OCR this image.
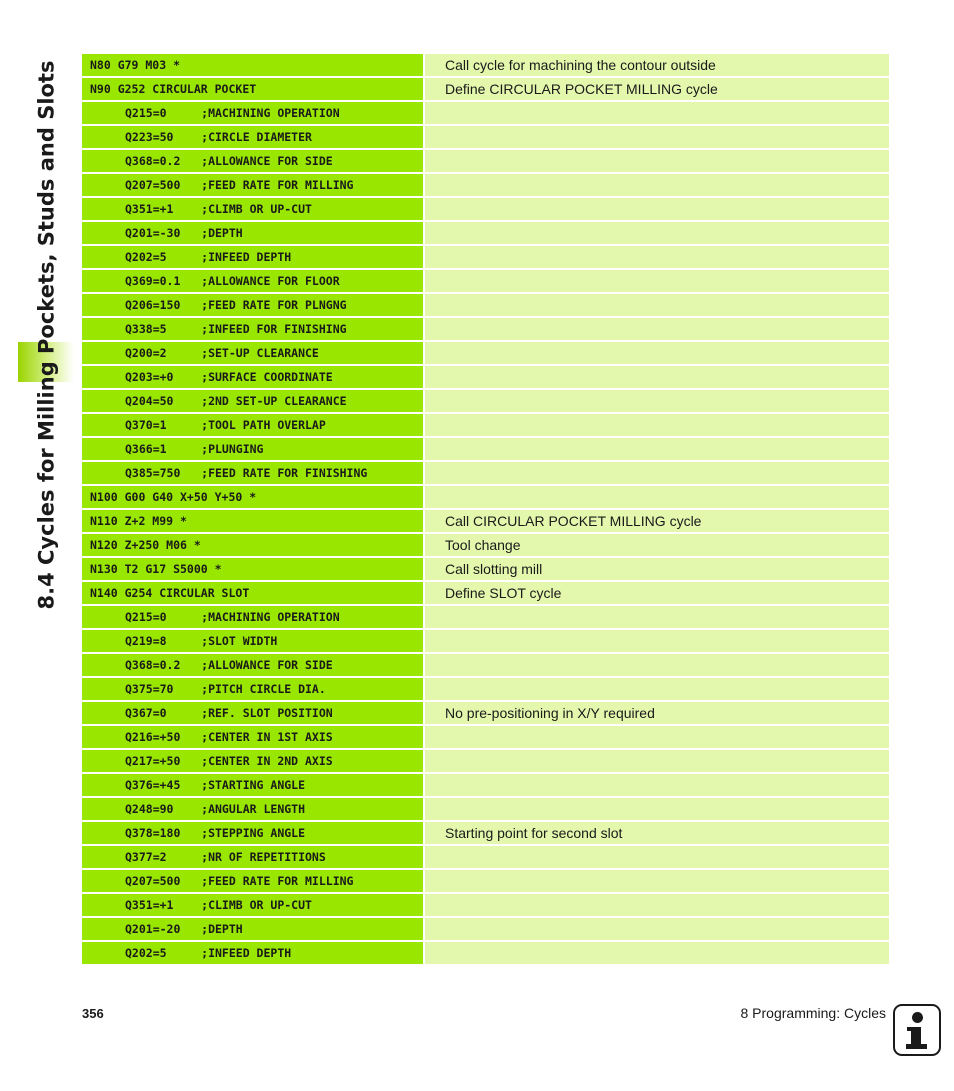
8.4 Cycles for Milling Pockets, Studs and Slots	N80 G79 M03 *	Call cycle for machining the contour outside
N90 G252 CIRCULAR POCKET	Define CIRCULAR POCKET MILLING cycle
Q215=0     ;MACHINING OPERATION
Q223=50    ;CIRCLE DIAMETER
Q368=0.2   ;ALLOWANCE FOR SIDE
Q207=500   ;FEED RATE FOR MILLING
Q351=+1    ;CLIMB OR UP-CUT
Q201=-30   ;DEPTH
Q202=5     ;INFEED DEPTH
Q369=0.1   ;ALLOWANCE FOR FLOOR
Q206=150   ;FEED RATE FOR PLNGNG
Q338=5     ;INFEED FOR FINISHING
Q200=2     ;SET-UP CLEARANCE
Q203=+0    ;SURFACE COORDINATE
Q204=50    ;2ND SET-UP CLEARANCE
Q370=1     ;TOOL PATH OVERLAP
Q366=1     ;PLUNGING
Q385=750   ;FEED RATE FOR FINISHING
N100 G00 G40 X+50 Y+50 *
N110 Z+2 M99 *	Call CIRCULAR POCKET MILLING cycle
N120 Z+250 M06 *	Tool change
N130 T2 G17 S5000 *	Call slotting mill
N140 G254 CIRCULAR SLOT	Define SLOT cycle
Q215=0     ;MACHINING OPERATION
Q219=8     ;SLOT WIDTH
Q368=0.2   ;ALLOWANCE FOR SIDE
Q375=70    ;PITCH CIRCLE DIA.
Q367=0     ;REF. SLOT POSITION	No pre-positioning in X/Y required
Q216=+50   ;CENTER IN 1ST AXIS
Q217=+50   ;CENTER IN 2ND AXIS
Q376=+45   ;STARTING ANGLE
Q248=90    ;ANGULAR LENGTH
Q378=180   ;STEPPING ANGLE	Starting point for second slot
Q377=2     ;NR OF REPETITIONS
Q207=500   ;FEED RATE FOR MILLING
Q351=+1    ;CLIMB OR UP-CUT
Q201=-20   ;DEPTH
Q202=5     ;INFEED DEPTH
356	8 Programming: Cycles
